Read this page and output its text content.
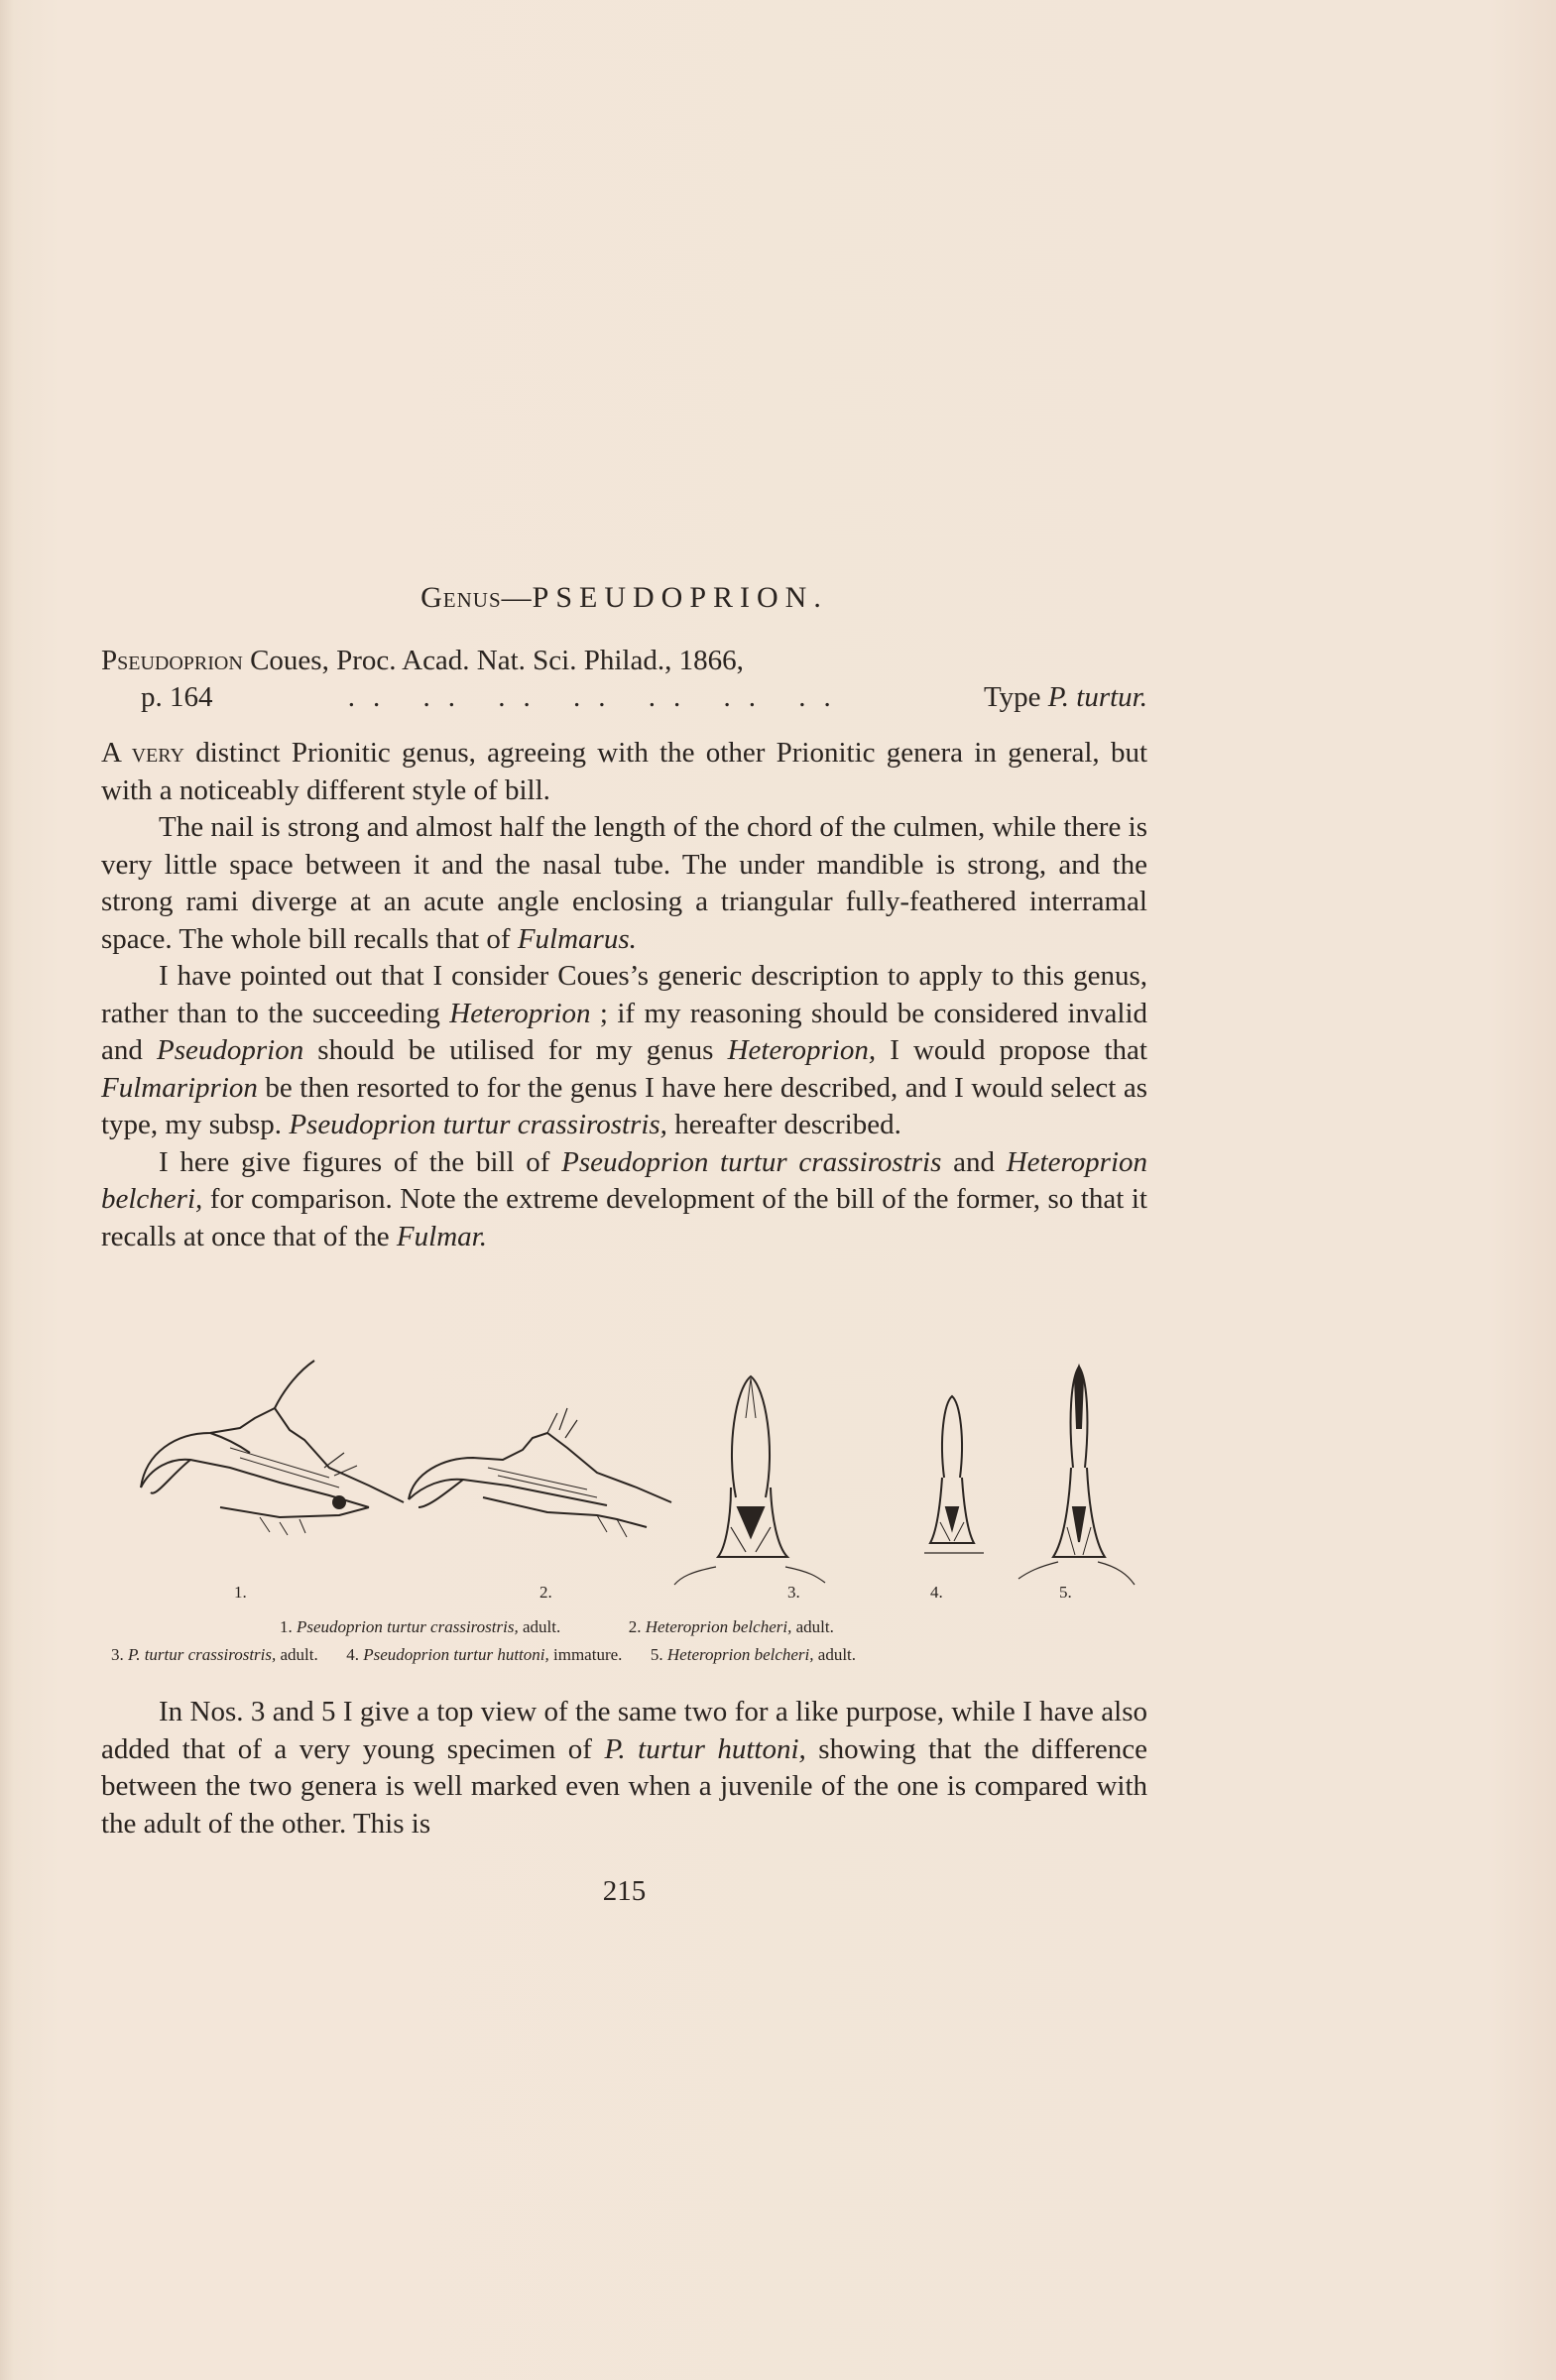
Genus—PSEUDOPRION.
Pseudoprion Coues, Proc. Acad. Nat. Sci. Philad., 1866,
p. 164	.. .. .. .. .. .. ..	Type P. turtur.

A very distinct Prionitic genus, agreeing with the other Prionitic genera in general, but with a noticeably different style of bill.

The nail is strong and almost half the length of the chord of the culmen, while there is very little space between it and the nasal tube. The under mandible is strong, and the strong rami diverge at an acute angle enclosing a triangular fully-feathered interramal space. The whole bill recalls that of Fulmarus.

I have pointed out that I consider Coues’s generic description to apply to this genus, rather than to the succeeding Heteroprion ; if my reasoning should be considered invalid and Pseudoprion should be utilised for my genus Heteroprion, I would propose that Fulmariprion be then resorted to for the genus I have here described, and I would select as type, my subsp. Pseudoprion turtur crassirostris, hereafter described.

I here give figures of the bill of Pseudoprion turtur crassirostris and Heteroprion belcheri, for comparison. Note the extreme development of the bill of the former, so that it recalls at once that of the Fulmar.

1.	2.	3.	4.	5.
1. Pseudoprion turtur crassirostris, adult.	2. Heteroprion belcheri, adult.
3. P. turtur crassirostris, adult. 4. Pseudoprion turtur huttoni, immature. 5. Heteroprion belcheri, adult.

In Nos. 3 and 5 I give a top view of the same two for a like purpose, while I have also added that of a very young specimen of P. turtur huttoni, showing that the difference between the two genera is well marked even when a juvenile of the one is compared with the adult of the other. This is

215
